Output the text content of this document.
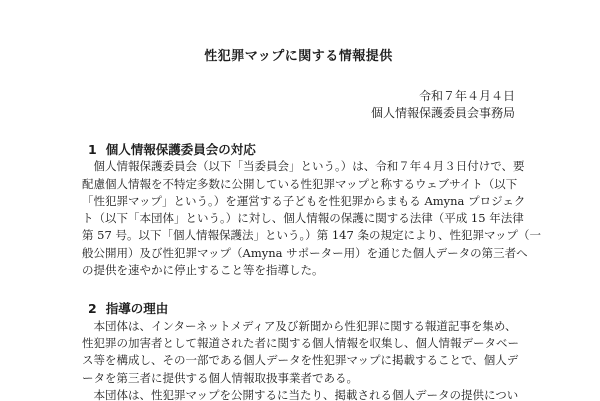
性犯罪マップに関する情報提供
令和７年４月４日
個人情報保護委員会事務局
1 個人情報保護委員会の対応
　個人情報保護委員会（以下「当委員会」という。）は、令和７年４月３日付けで、要
配慮個人情報を不特定多数に公開している性犯罪マップと称するウェブサイト（以下
「性犯罪マップ」という。）を運営する子どもを性犯罪からまもる Amyna プロジェク
ト（以下「本団体」という。）に対し、個人情報の保護に関する法律（平成 15 年法律
第 57 号。以下「個人情報保護法」という。）第 147 条の規定により、性犯罪マップ（一
般公開用）及び性犯罪マップ（Amyna サポーター用）を通じた個人データの第三者へ
の提供を速やかに停止すること等を指導した。
2 指導の理由
　本団体は、インターネットメディア及び新聞から性犯罪に関する報道記事を集め、
性犯罪の加害者として報道された者に関する個人情報を収集し、個人情報データベー
ス等を構成し、その一部である個人データを性犯罪マップに掲載することで、個人デ
ータを第三者に提供する個人情報取扱事業者である。
　本団体は、性犯罪マップを公開するに当たり、掲載される個人データの提供につい
